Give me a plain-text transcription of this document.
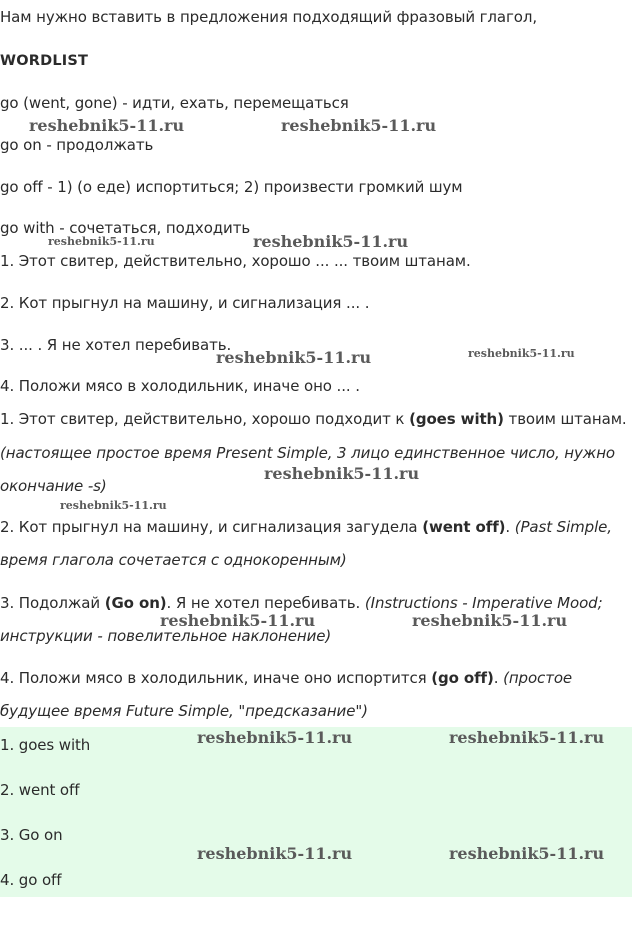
Нам нужно вставить в предложения подходящий фразовый глагол,
WORDLIST
go (went, gone) - идти, ехать, перемещаться
go on - продолжать
go off - 1) (о еде) испортиться; 2) произвести громкий шум
go with - сочетаться, подходить
1. Этот свитер, действительно, хорошо ... ... твоим штанам.
2. Кот прыгнул на машину, и сигнализация ... .
3. ... . Я не хотел перебивать.
4. Положи мясо в холодильник, иначе оно ... .
1. Этот свитер, действительно, хорошо подходит к (goes with) твоим штанам.
(настоящее простое время Present Simple, 3 лицо единственное число, нужно
окончание -s)
2. Кот прыгнул на машину, и сигнализация загудела (went off). (Past Simple,
время глагола сочетается с однокоренным)
3. Подолжай (Go on). Я не хотел перебивать. (Instructions - Imperative Mood;
инструкции - повелительное наклонение)
4. Положи мясо в холодильник, иначе оно испортится (go off). (простое
будущее время Future Simple, "предсказание")
1. goes with
2. went off
3. Go on
4. go off
reshebnik5-11.ru	reshebnik5-11.ru
reshebnik5-11.ru	reshebnik5-11.ru
reshebnik5-11.ru	reshebnik5-11.ru
reshebnik5-11.ru
reshebnik5-11.ru
reshebnik5-11.ru	reshebnik5-11.ru
reshebnik5-11.ru	reshebnik5-11.ru
reshebnik5-11.ru	reshebnik5-11.ru
